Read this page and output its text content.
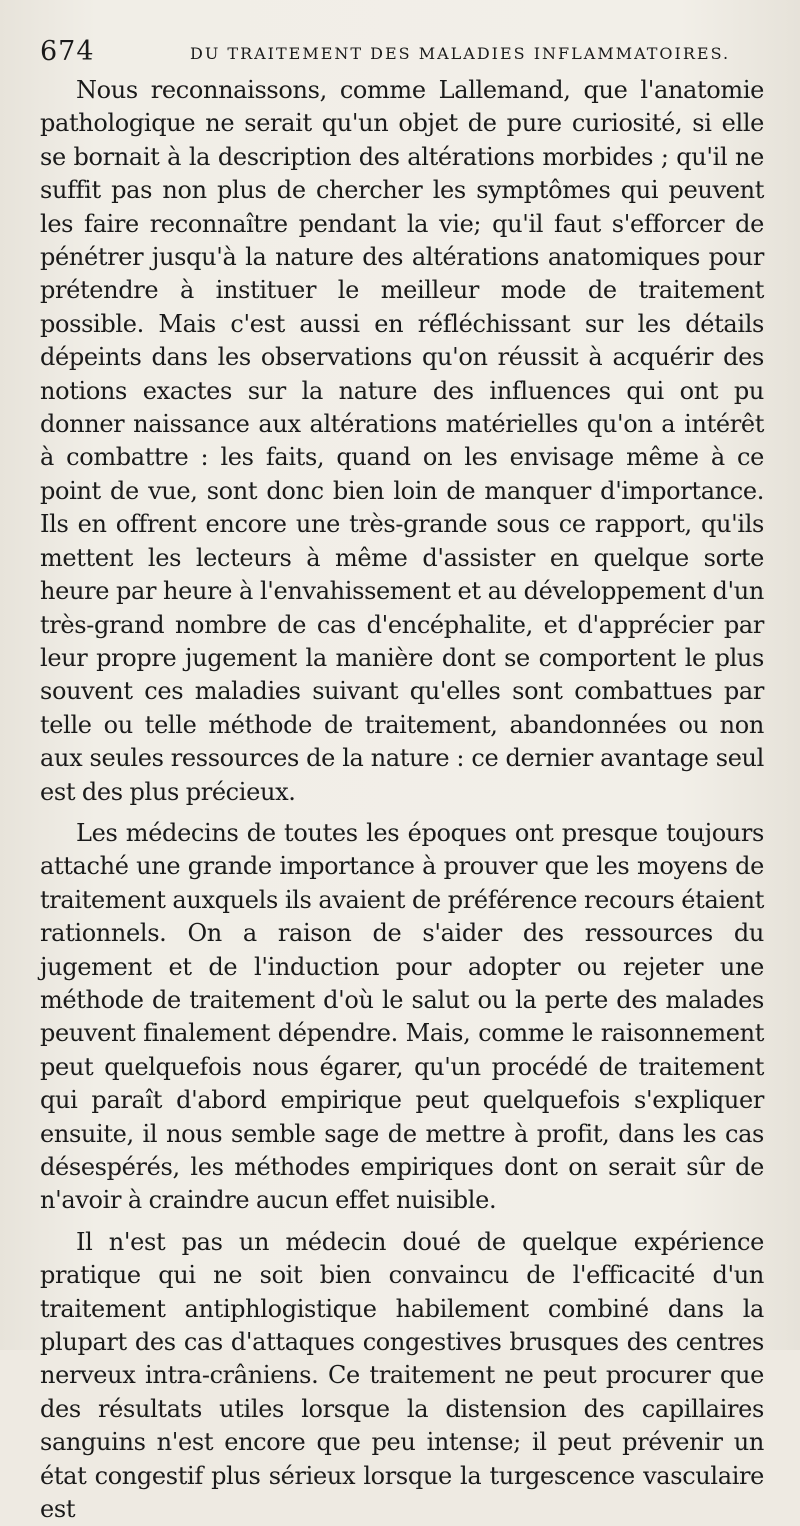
674	DU TRAITEMENT DES MALADIES INFLAMMATOIRES.

Nous reconnaissons, comme Lallemand, que l'anatomie pathologique ne serait qu'un objet de pure curiosité, si elle se bornait à la description des altérations morbides ; qu'il ne suffit pas non plus de chercher les symptômes qui peuvent les faire reconnaître pendant la vie; qu'il faut s'efforcer de pénétrer jusqu'à la nature des altérations anatomiques pour prétendre à instituer le meilleur mode de traitement possible. Mais c'est aussi en réfléchissant sur les détails dépeints dans les observations qu'on réussit à acquérir des notions exactes sur la nature des influences qui ont pu donner naissance aux altérations matérielles qu'on a intérêt à combattre : les faits, quand on les envisage même à ce point de vue, sont donc bien loin de manquer d'importance. Ils en offrent encore une très-grande sous ce rapport, qu'ils mettent les lecteurs à même d'assister en quelque sorte heure par heure à l'envahissement et au développement d'un très-grand nombre de cas d'encéphalite, et d'apprécier par leur propre jugement la manière dont se comportent le plus souvent ces maladies suivant qu'elles sont combattues par telle ou telle méthode de traitement, abandonnées ou non aux seules ressources de la nature : ce dernier avantage seul est des plus précieux.

Les médecins de toutes les époques ont presque toujours attaché une grande importance à prouver que les moyens de traitement auxquels ils avaient de préférence recours étaient rationnels. On a raison de s'aider des ressources du jugement et de l'induction pour adopter ou rejeter une méthode de traitement d'où le salut ou la perte des malades peuvent finalement dépendre. Mais, comme le raisonnement peut quelquefois nous égarer, qu'un procédé de traitement qui paraît d'abord empirique peut quelquefois s'expliquer ensuite, il nous semble sage de mettre à profit, dans les cas désespérés, les méthodes empiriques dont on serait sûr de n'avoir à craindre aucun effet nuisible.

Il n'est pas un médecin doué de quelque expérience pratique qui ne soit bien convaincu de l'efficacité d'un traitement antiphlogistique habilement combiné dans la plupart des cas d'attaques congestives brusques des centres nerveux intra-crâniens. Ce traitement ne peut procurer que des résultats utiles lorsque la distension des capillaires sanguins n'est encore que peu intense; il peut prévenir un état congestif plus sérieux lorsque la turgescence vasculaire est
